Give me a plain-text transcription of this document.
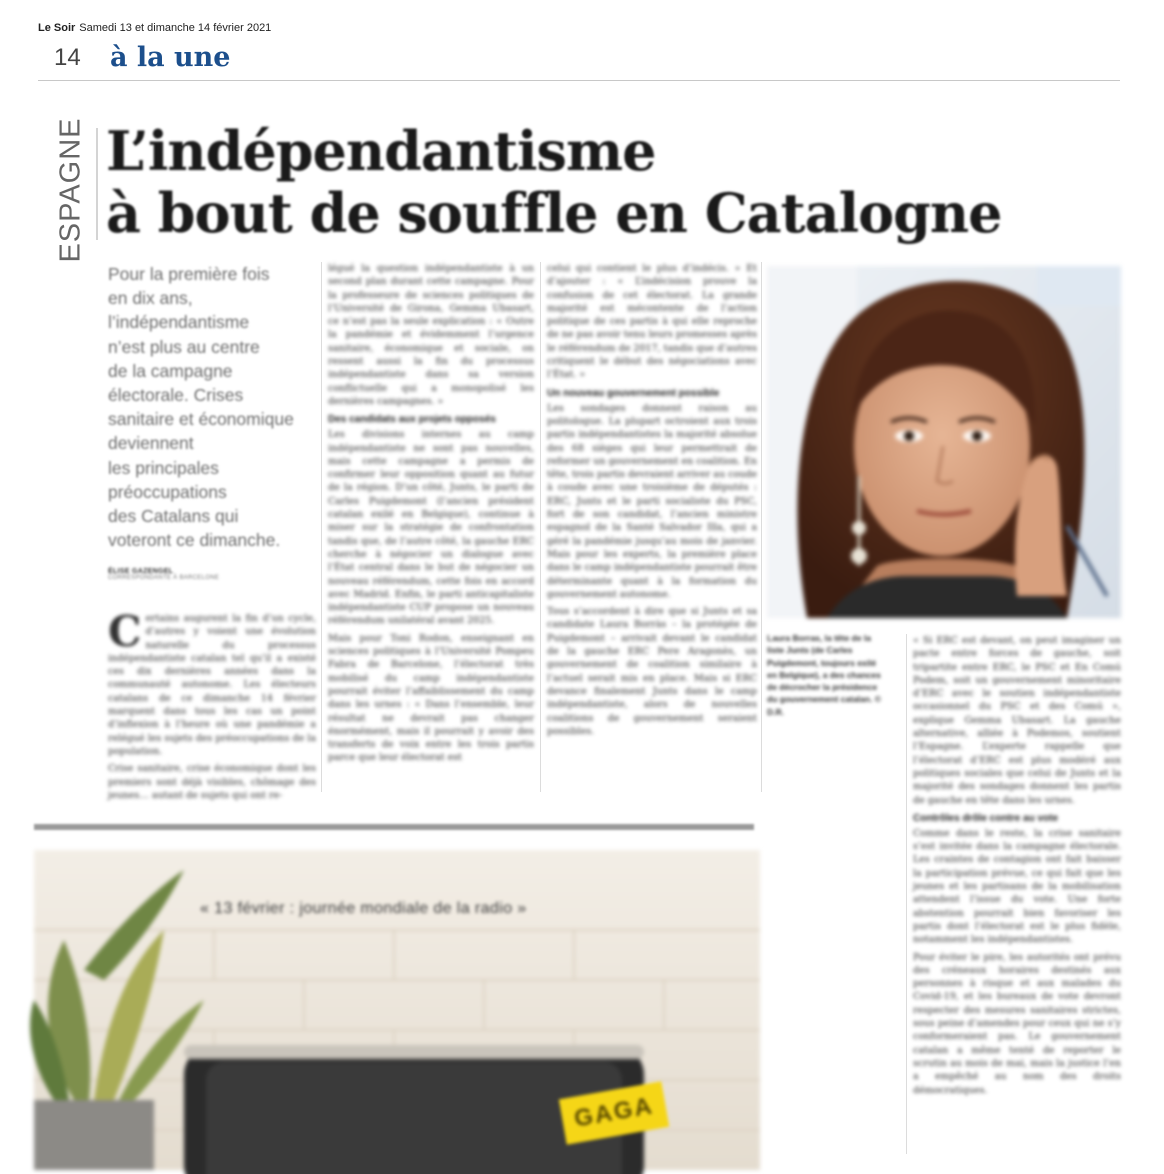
Le Soir Samedi 13 et dimanche 14 février 2021
14 à la une
ESPAGNE L’indépendantisme
à bout de souffle en Catalogne
Pour la première fois
en dix ans,
l’indépendantisme
n’est plus au centre
de la campagne
électorale. Crises
sanitaire et économique
deviennent
les principales
préoccupations
des Catalans qui
voteront ce dimanche.
ÉLISE GAZENGEL
CORRESPONDANTE À BARCELONE

Certains augurent la fin d’un cycle, d’autres y voient une évolution naturelle du processus indépendantiste catalan tel qu’il a existé ces dix dernières années dans la communauté autonome. Les électeurs catalans de ce dimanche 14 février marquent dans tous les cas un point d’inflexion à l’heure où une pandémie a relégué les sujets des préoccupations de la population.

Crise sanitaire, crise économique dont les premiers sont déjà visibles, chômage des jeunes… autant de sujets qui ont re-

légué la question indépendantiste à un second plan durant cette campagne. Pour la professeure de sciences politiques de l’Université de Girona, Gemma Ubasart, ce n’est pas la seule explication : « Outre la pandémie et évidemment l’urgence sanitaire, économique et sociale, on ressent aussi la fin du processus indépendantiste dans sa version conflictuelle qui a monopolisé les dernières campagnes. »

Des candidats aux projets opposés

Les divisions internes au camp indépendantiste ne sont pas nouvelles, mais cette campagne a permis de confirmer leur opposition quant au futur de la région. D’un côté, Junts, le parti de Carles Puigdemont (l’ancien président catalan exilé en Belgique), continue à miser sur la stratégie de confrontation tandis que, de l’autre côté, la gauche ERC cherche à négocier un dialogue avec l’État central dans le but de négocier un nouveau référendum, cette fois en accord avec Madrid. Enfin, le parti anticapitaliste indépendantiste CUP propose un nouveau référendum unilatéral avant 2025.

Mais pour Toni Rodon, enseignant en sciences politiques à l’Université Pompeu Fabra de Barcelone, l’électorat très mobilisé du camp indépendantiste pourrait éviter l’affaiblissement du camp dans les urnes : « Dans l’ensemble, leur résultat ne devrait pas changer énormément, mais il pourrait y avoir des transferts de voix entre les trois partis parce que leur électorat est

celui qui contient le plus d’indécis. » Et d’ajouter : « L’indécision prouve la confusion de cet électorat. La grande majorité est mécontente de l’action politique de ces partis à qui elle reproche de ne pas avoir tenu leurs promesses après le référendum de 2017, tandis que d’autres critiquent le début des négociations avec l’État. »

Un nouveau gouvernement possible

Les sondages donnent raison au politologue. La plupart octroient aux trois partis indépendantistes la majorité absolue des 68 sièges qui leur permettrait de reformer un gouvernement en coalition. En tête, trois partis devraient arriver au coude à coude avec une troisième de députés : ERC, Junts et le parti socialiste du PSC, fort de son candidat, l’ancien ministre espagnol de la Santé Salvador Illa, qui a géré la pandémie jusqu’au mois de janvier. Mais pour les experts, la première place dans le camp indépendantiste pourrait être déterminante quant à la formation du gouvernement autonome.

Tous s’accordent à dire que si Junts et sa candidate Laura Borràs – la protégée de Puigdemont – arrivait devant le candidat de la gauche ERC Pere Aragonès, un gouvernement de coalition similaire à l’actuel serait mis en place. Mais si ERC devance finalement Junts dans le camp indépendantiste, alors de nouvelles coalitions de gouvernement seraient possibles.

Laura Borras, la tête de la liste Junts (de Carles Puigdemont, toujours exilé en Belgique), a des chances de décrocher la présidence du gouvernement catalan. © D.R.

« Si ERC est devant, on peut imaginer un pacte entre forces de gauche, soit tripartite entre ERC, le PSC et En Comú Podem, soit un gouvernement minoritaire d’ERC avec le soutien indépendantiste occasionnel du PSC et des Comú », explique Gemma Ubasart. La gauche alternative, alliée à Podemos, soutient l’Espagne. L’experte rappelle que l’électorat d’ERC est plus modéré aux politiques sociales que celui de Junts et la majorité des sondages donnent les partis de gauche en tête dans les urnes.

Contrôles drôle contre au vote

Comme dans le reste, la crise sanitaire s’est invitée dans la campagne électorale. Les craintes de contagion ont fait baisser la participation prévue, ce qui fait que les jeunes et les partisans de la mobilisation attendent l’issue du vote. Une forte abstention pourrait bien favoriser les partis dont l’électorat est le plus fidèle, notamment les indépendantistes.

Pour éviter le pire, les autorités ont prévu des créneaux horaires destinés aux personnes à risque et aux malades du Covid-19, et les bureaux de vote devront respecter des mesures sanitaires strictes, sous peine d’amendes pour ceux qui ne s’y conformeraient pas. Le gouvernement catalan a même tenté de reporter le scrutin au mois de mai, mais la justice l’en a empêché au nom des droits démocratiques.

« 13 février : journée mondiale de la radio »
GAGA
